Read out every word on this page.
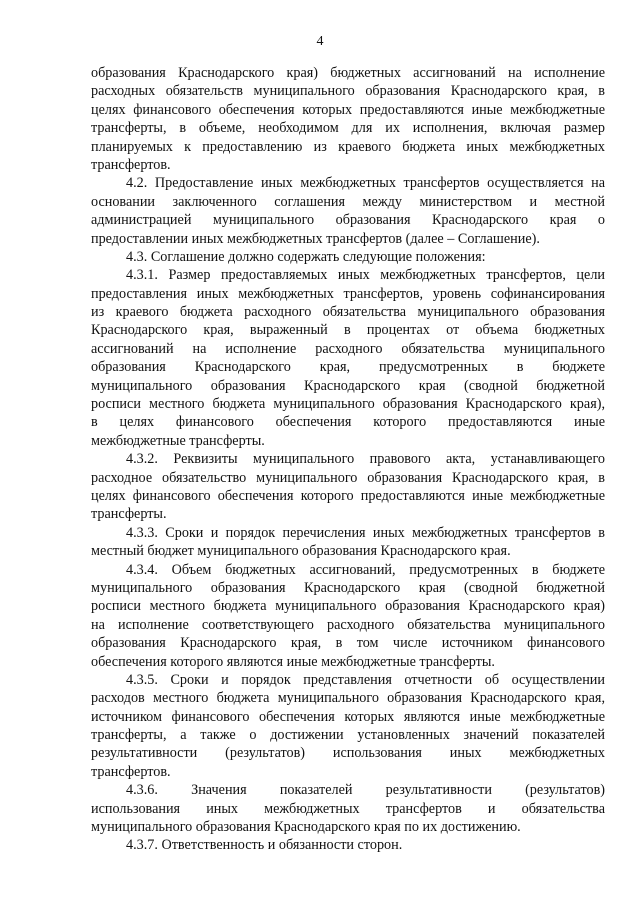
4
образования Краснодарского края) бюджетных ассигнований на исполнение
расходных обязательств муниципального образования Краснодарского края, в
целях финансового обеспечения которых предоставляются иные межбюджетные
трансферты, в объеме, необходимом для их исполнения, включая размер
планируемых к предоставлению из краевого бюджета иных межбюджетных
трансфертов.
4.2. Предоставление иных межбюджетных трансфертов осуществляется на
основании заключенного соглашения между министерством и местной
администрацией муниципального образования Краснодарского края о
предоставлении иных межбюджетных трансфертов (далее – Соглашение).
4.3. Соглашение должно содержать следующие положения:
4.3.1. Размер предоставляемых иных межбюджетных трансфертов, цели
предоставления иных межбюджетных трансфертов, уровень софинансирования
из краевого бюджета расходного обязательства муниципального образования
Краснодарского края, выраженный в процентах от объема бюджетных
ассигнований на исполнение расходного обязательства муниципального
образования Краснодарского края, предусмотренных в бюджете
муниципального образования Краснодарского края (сводной бюджетной
росписи местного бюджета муниципального образования Краснодарского края),
в целях финансового обеспечения которого предоставляются иные
межбюджетные трансферты.
4.3.2. Реквизиты муниципального правового акта, устанавливающего
расходное обязательство муниципального образования Краснодарского края, в
целях финансового обеспечения которого предоставляются иные межбюджетные
трансферты.
4.3.3. Сроки и порядок перечисления иных межбюджетных трансфертов в
местный бюджет муниципального образования Краснодарского края.
4.3.4. Объем бюджетных ассигнований, предусмотренных в бюджете
муниципального образования Краснодарского края (сводной бюджетной
росписи местного бюджета муниципального образования Краснодарского края)
на исполнение соответствующего расходного обязательства муниципального
образования Краснодарского края, в том числе источником финансового
обеспечения которого являются иные межбюджетные трансферты.
4.3.5. Сроки и порядок представления отчетности об осуществлении
расходов местного бюджета муниципального образования Краснодарского края,
источником финансового обеспечения которых являются иные межбюджетные
трансферты, а также о достижении установленных значений показателей
результативности (результатов) использования иных межбюджетных
трансфертов.
4.3.6. Значения показателей результативности (результатов)
использования иных межбюджетных трансфертов и обязательства
муниципального образования Краснодарского края по их достижению.
4.3.7. Ответственность и обязанности сторон.
